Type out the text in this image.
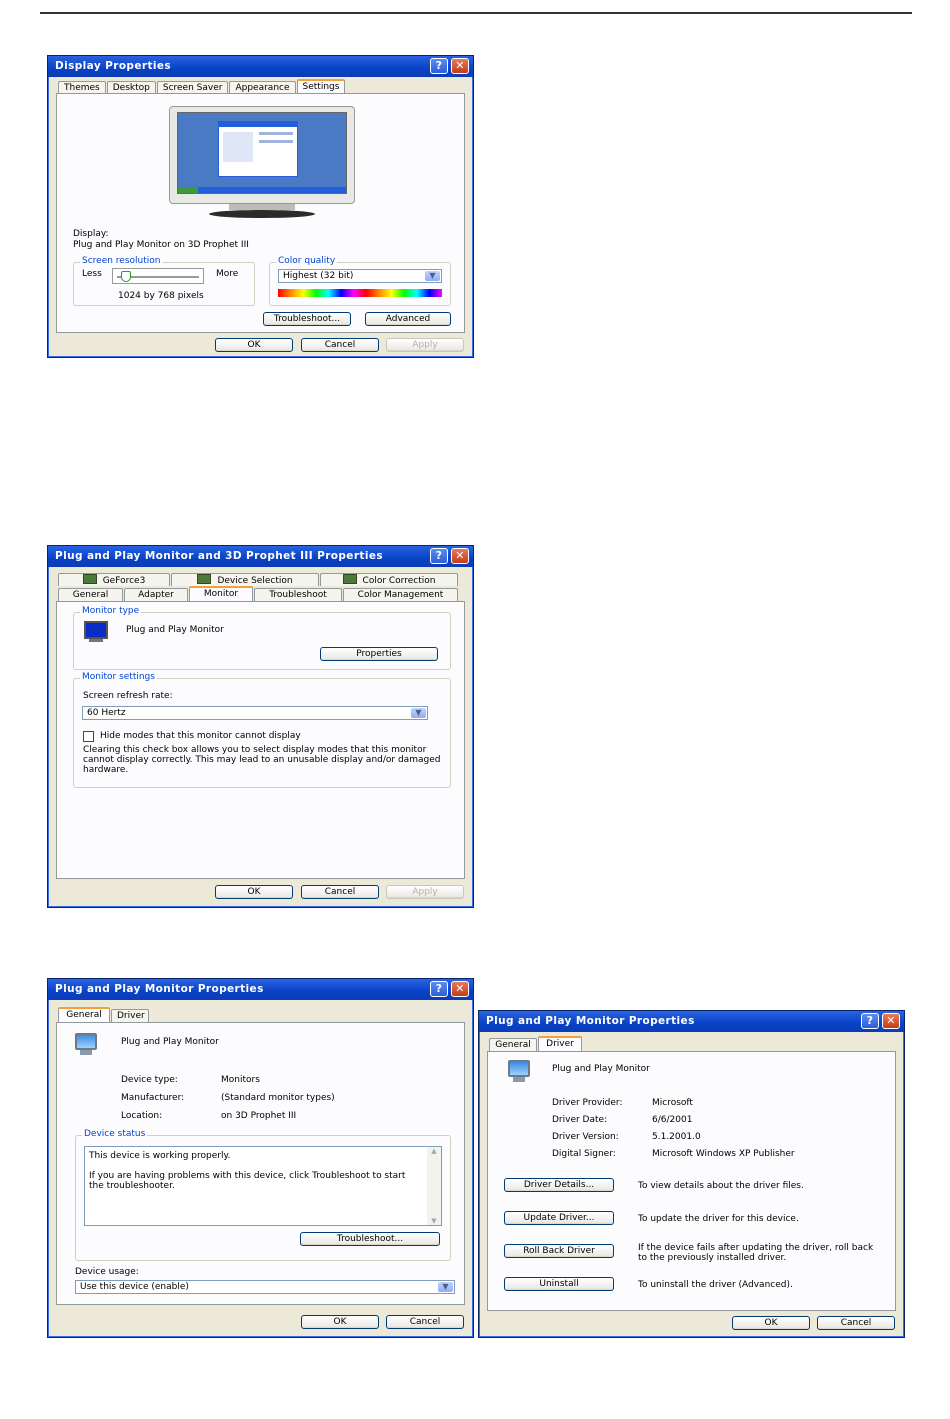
Display Properties	?	✕
Themes	Desktop	Screen Saver	Appearance	Settings
Display:
Plug and Play Monitor on 3D Prophet III
Screen resolution
Less	More
1024 by 768 pixels
Color quality
Highest (32 bit)	▼
Troubleshoot...	Advanced
OK	Cancel	Apply
Plug and Play Monitor and 3D Prophet III Properties	?	✕
GeForce3	Device Selection	Color Correction
General	Adapter	Monitor	Troubleshoot	Color Management
Monitor type
Plug and Play Monitor
Properties
Monitor settings
Screen refresh rate:
60 Hertz	▼
Hide modes that this monitor cannot display
Clearing this check box allows you to select display modes that this monitor cannot display correctly. This may lead to an unusable display and/or damaged hardware.
OK	Cancel	Apply
Plug and Play Monitor Properties	?	✕
General	Driver
Plug and Play Monitor
Device type:	Monitors
Manufacturer:	(Standard monitor types)
Location:	on 3D Prophet III
Device status
This device is working properly.
If you are having problems with this device, click Troubleshoot to start the troubleshooter.
▲
▼
Troubleshoot...
Device usage:
Use this device (enable)	▼
OK	Cancel
Plug and Play Monitor Properties	?	✕
General	Driver
Plug and Play Monitor
Driver Provider:	Microsoft
Driver Date:	6/6/2001
Driver Version:	5.1.2001.0
Digital Signer:	Microsoft Windows XP Publisher
Driver Details...	To view details about the driver files.
Update Driver...	To update the driver for this device.
Roll Back Driver	If the device fails after updating the driver, roll back to the previously installed driver.
Uninstall	To uninstall the driver (Advanced).
OK	Cancel
